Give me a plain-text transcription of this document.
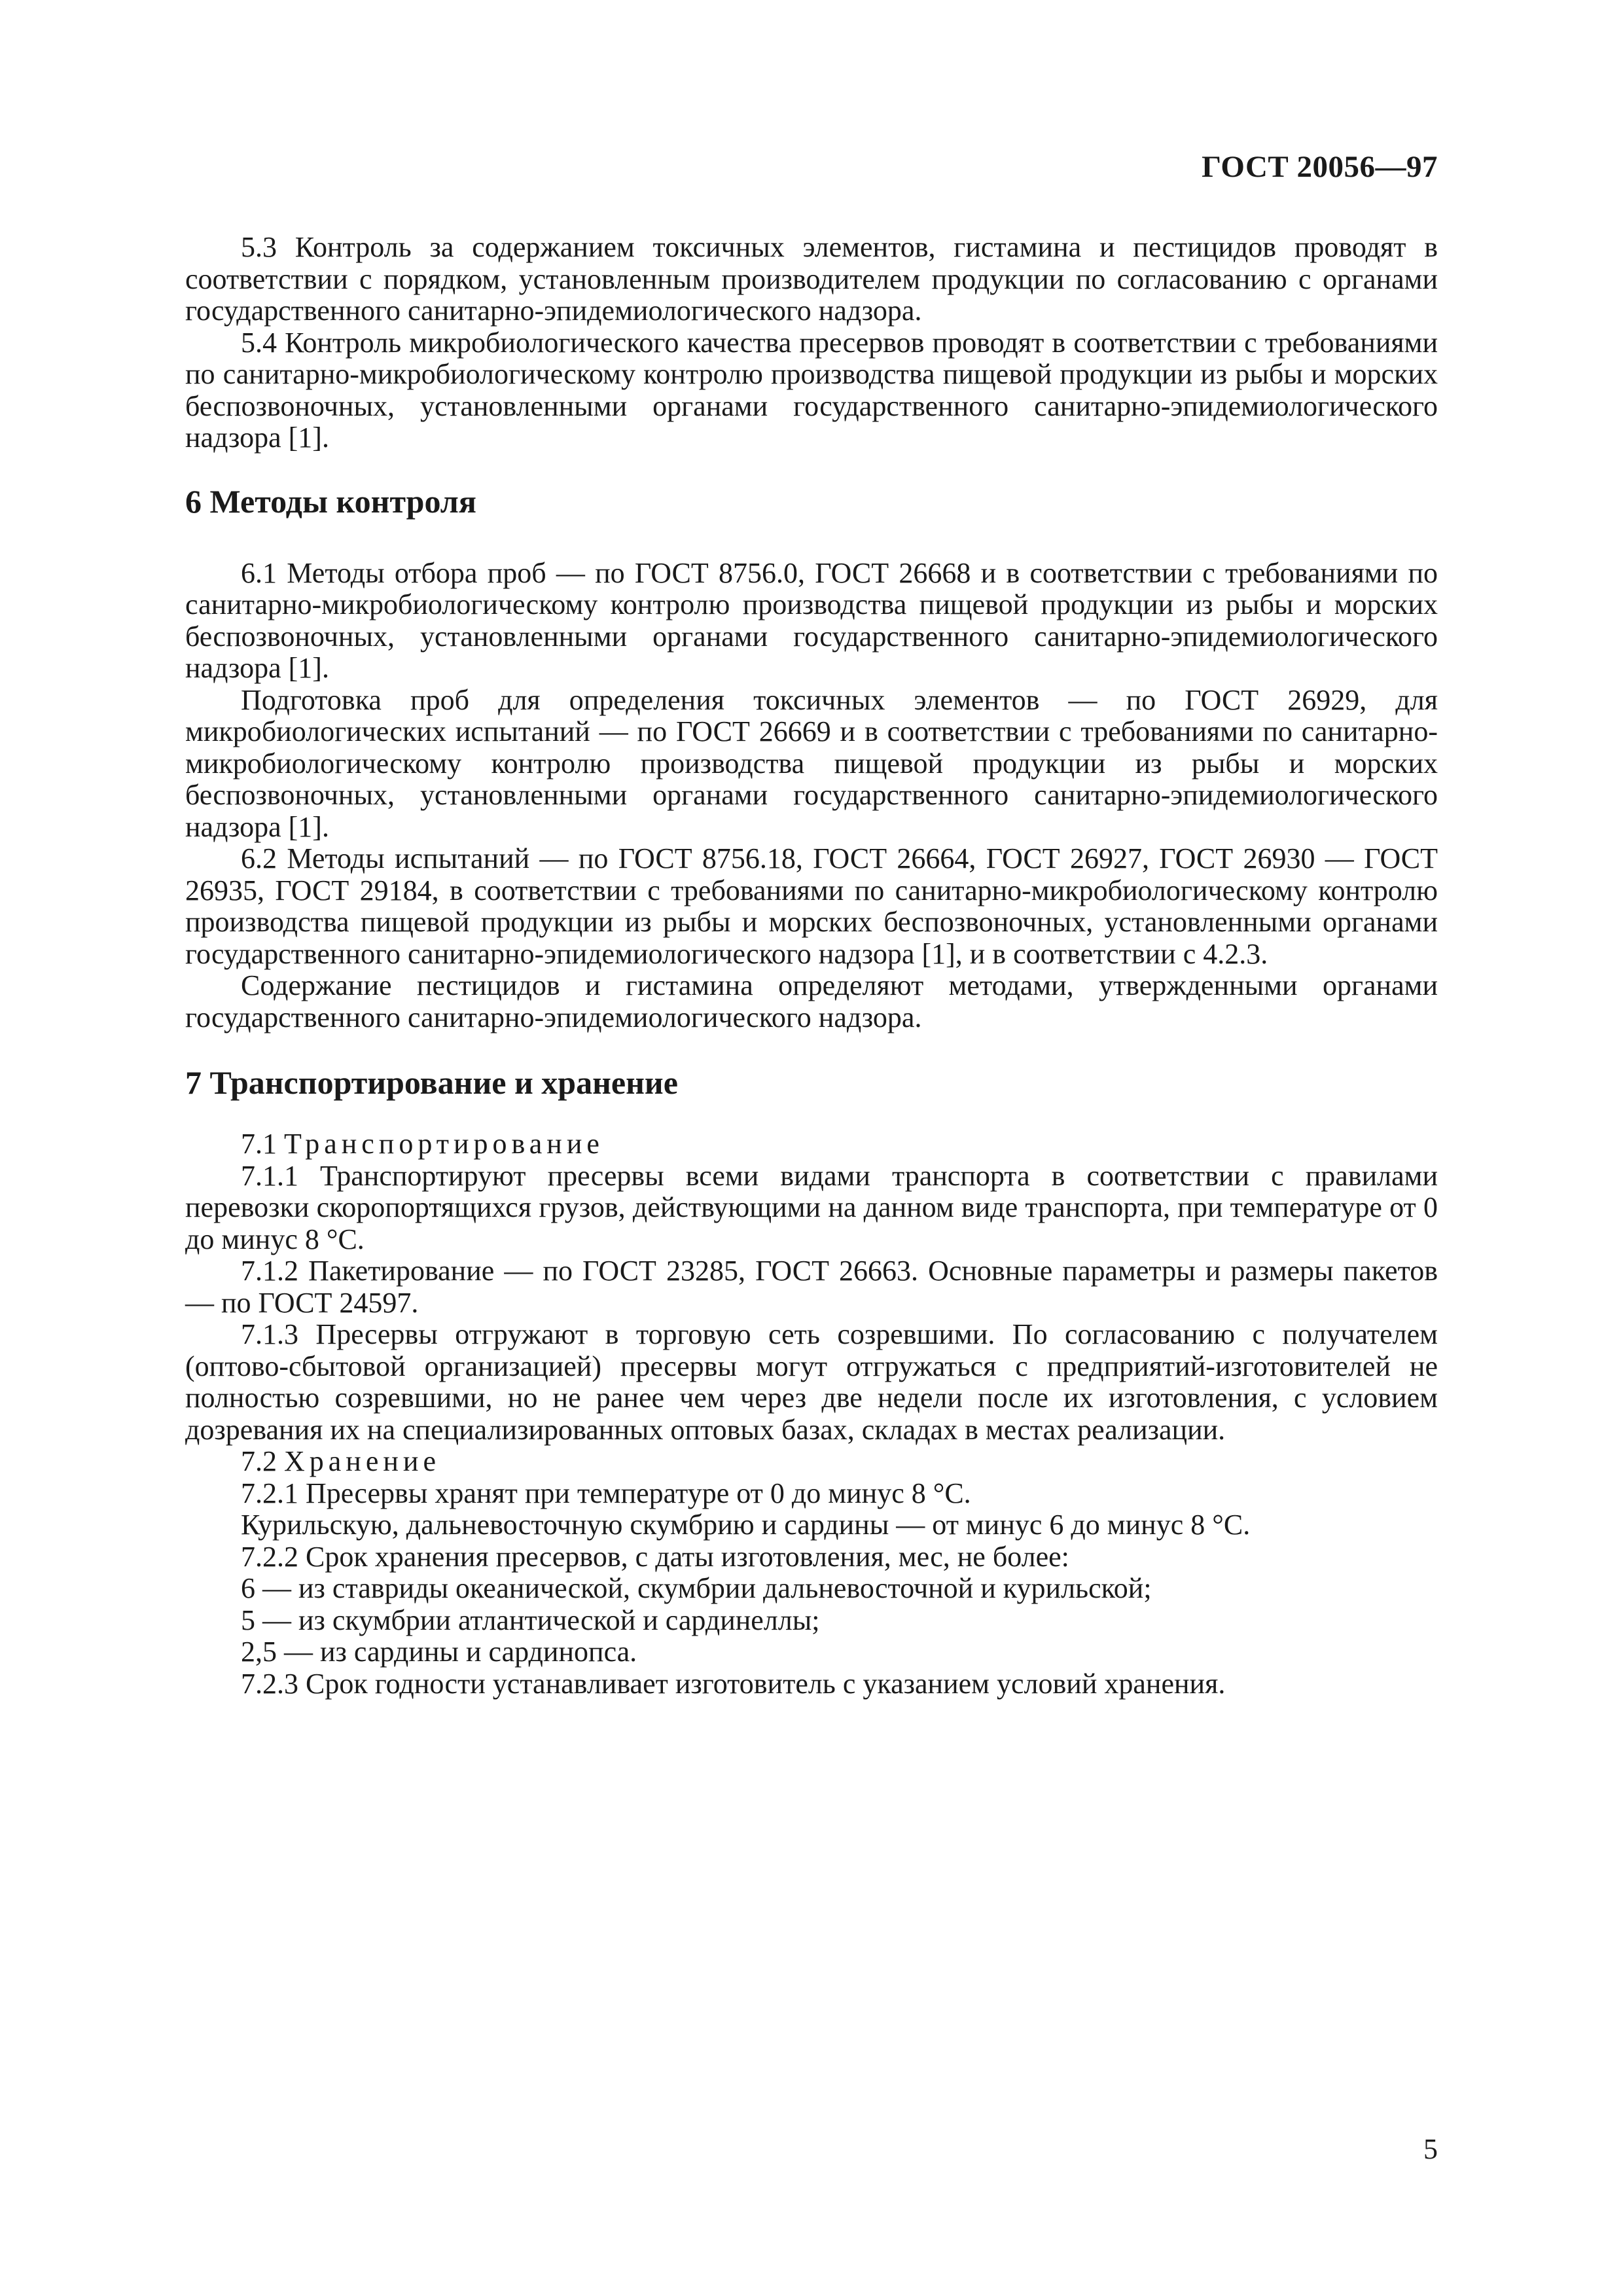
ГОСТ 20056—97

5.3 Контроль за содержанием токсичных элементов, гистамина и пестицидов проводят в соответствии с порядком, установленным производителем продукции по согласованию с органами государственного санитарно-эпидемиологического надзора.

5.4 Контроль микробиологического качества пресервов проводят в соответствии с требованиями по санитарно-микробиологическому контролю производства пищевой продукции из рыбы и морских беспозвоночных, установленными органами государственного санитарно-эпидемиологического надзора [1].

6 Методы контроля

6.1 Методы отбора проб — по ГОСТ 8756.0, ГОСТ 26668 и в соответствии с требованиями по санитарно-микробиологическому контролю производства пищевой продукции из рыбы и морских беспозвоночных, установленными органами государственного санитарно-эпидемиологического надзора [1].

Подготовка проб для определения токсичных элементов — по ГОСТ 26929, для микробиологических испытаний — по ГОСТ 26669 и в соответствии с требованиями по санитарно-микробиологическому контролю производства пищевой продукции из рыбы и морских беспозвоночных, установленными органами государственного санитарно-эпидемиологического надзора [1].

6.2 Методы испытаний — по ГОСТ 8756.18, ГОСТ 26664, ГОСТ 26927, ГОСТ 26930 — ГОСТ 26935, ГОСТ 29184, в соответствии с требованиями по санитарно-микробиологическому контролю производства пищевой продукции из рыбы и морских беспозвоночных, установленными органами государственного санитарно-эпидемиологического надзора [1], и в соответствии с 4.2.3.

Содержание пестицидов и гистамина определяют методами, утвержденными органами государственного санитарно-эпидемиологического надзора.

7 Транспортирование и хранение

7.1 Транспортирование

7.1.1 Транспортируют пресервы всеми видами транспорта в соответствии с правилами перевозки скоропортящихся грузов, действующими на данном виде транспорта, при температуре от 0 до минус 8 °С.

7.1.2 Пакетирование — по ГОСТ 23285, ГОСТ 26663. Основные параметры и размеры пакетов — по ГОСТ 24597.

7.1.3 Пресервы отгружают в торговую сеть созревшими. По согласованию с получателем (оптово-сбытовой организацией) пресервы могут отгружаться с предприятий-изготовителей не полностью созревшими, но не ранее чем через две недели после их изготовления, с условием дозревания их на специализированных оптовых базах, складах в местах реализации.

7.2 Хранение

7.2.1 Пресервы хранят при температуре от 0 до минус 8 °С.

Курильскую, дальневосточную скумбрию и сардины — от минус 6 до минус 8 °С.

7.2.2 Срок хранения пресервов, с даты изготовления, мес, не более:

6 — из ставриды океанической, скумбрии дальневосточной и курильской;

5 — из скумбрии атлантической и сардинеллы;

2,5 — из сардины и сардинопса.

7.2.3 Срок годности устанавливает изготовитель с указанием условий хранения.

5
